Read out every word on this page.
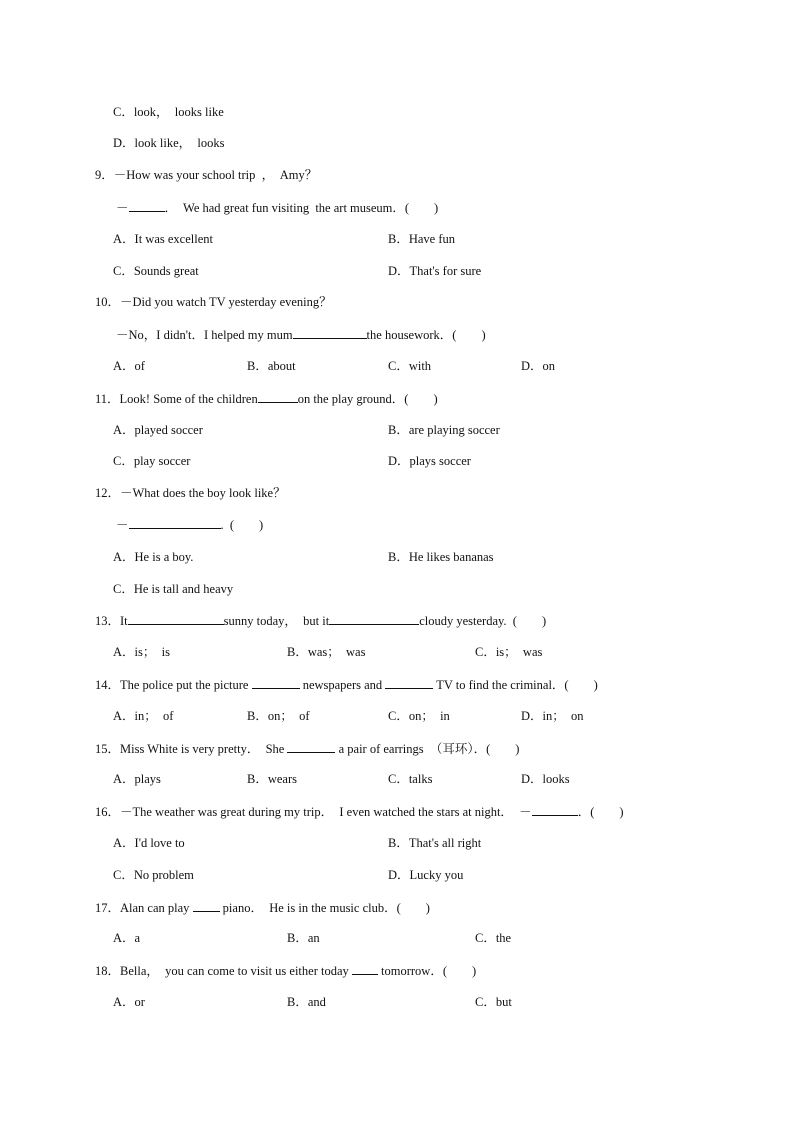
C．look，  looks like
D．look like，  looks
9．－How was your school trip  ，  Amy？
－	．  We had great fun visiting  the art museum．(        )
A．It was excellent	B．Have fun
C．Sounds great	D．That's for sure
10．－Did you watch TV yesterday evening？
－No，I didn't．I helped my mum	the housework．(        )
A．of	B．about	C．with	D．on
11．Look! Some of the children	on the play ground．(        )
A．played soccer	B．are playing soccer
C．play soccer	D．plays soccer
12．－What does the boy look like？
－	.  (        )
A．He is a boy.	B．He likes bananas
C．He is tall and heavy
13．It	sunny today，  but it	cloudy yesterday.  (        )
A．is；  is	B．was；  was	C．is；  was
14．The police put the picture	newspapers and	TV to find the criminal．(        )
A．in；  of	B．on；  of	C．on；  in	D．in；  on
15．Miss White is very pretty．  She	a pair of earrings  （耳环）．(        )
A．plays	B．wears	C．talks	D．looks
16．－The weather was great during my trip．  I even watched the stars at night．  －	．(        )
A．I'd love to	B．That's all right
C．No problem	D．Lucky you
17．Alan can play  piano．  He is in the music club．(        )
A．a	B．an	C．the
18．Bella，  you can come to visit us either today  tomorrow．(        )
A．or	B．and	C．but
